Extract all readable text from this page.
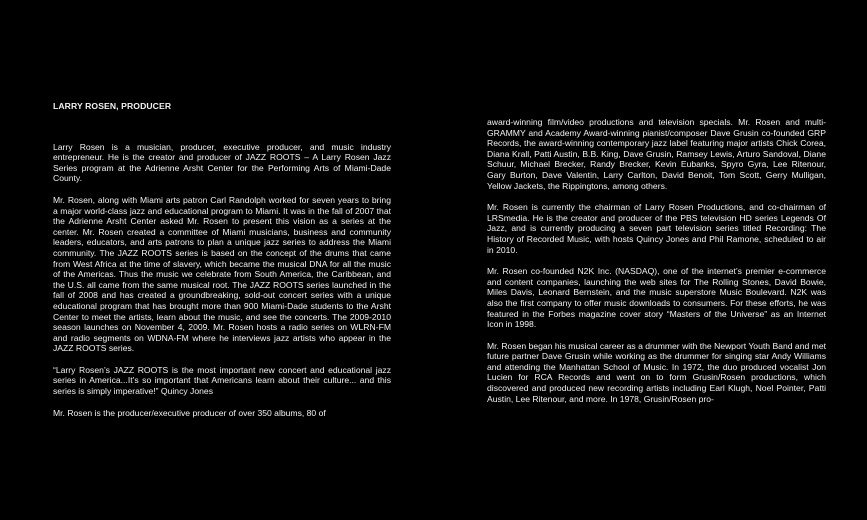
LARRY ROSEN, PRODUCER

Larry Rosen is a musician, producer, executive producer, and music industry entrepreneur. He is the creator and producer of JAZZ ROOTS – A Larry Rosen Jazz Series program at the Adrienne Arsht Center for the Performing Arts of Miami-Dade County.

Mr. Rosen, along with Miami arts patron Carl Randolph worked for seven years to bring a major world-class jazz and educational program to Miami. It was in the fall of 2007 that the Adrienne Arsht Center asked Mr. Rosen to present this vision as a series at the center. Mr. Rosen created a committee of Miami musicians, business and community leaders, educators, and arts patrons to plan a unique jazz series to address the Miami community. The JAZZ ROOTS series is based on the concept of the drums that came from West Africa at the time of slavery, which became the musical DNA for all the music of the Americas. Thus the music we celebrate from South America, the Caribbean, and the U.S. all came from the same musical root. The JAZZ ROOTS series launched in the fall of 2008 and has created a groundbreaking, sold-out concert series with a unique educational program that has brought more than 900 Miami-Dade students to the Arsht Center to meet the artists, learn about the music, and see the concerts. The 2009-2010 season launches on November 4, 2009. Mr. Rosen hosts a radio series on WLRN-FM and radio segments on WDNA-FM where he interviews jazz artists who appear in the JAZZ ROOTS series.

“Larry Rosen’s JAZZ ROOTS is the most important new concert and educational jazz series in America...It’s so important that Americans learn about their culture... and this series is simply imperative!” Quincy Jones

Mr. Rosen is the producer/executive producer of over 350 albums, 80 of

award-winning film/video productions and television specials. Mr. Rosen and multi-GRAMMY and Academy Award-winning pianist/composer Dave Grusin co-founded GRP Records, the award-winning contemporary jazz label featuring major artists Chick Corea, Diana Krall, Patti Austin, B.B. King, Dave Grusin, Ramsey Lewis, Arturo Sandoval, Diane Schuur, Michael Brecker, Randy Brecker, Kevin Eubanks, Spyro Gyra, Lee Ritenour, Gary Burton, Dave Valentin, Larry Carlton, David Benoit, Tom Scott, Gerry Mulligan, Yellow Jackets, the Rippingtons, among others.

Mr. Rosen is currently the chairman of Larry Rosen Productions, and co-chairman of LRSmedia. He is the creator and producer of the PBS television HD series Legends Of Jazz, and is currently producing a seven part television series titled Recording: The History of Recorded Music, with hosts Quincy Jones and Phil Ramone, scheduled to air in 2010.

Mr. Rosen co-founded N2K Inc. (NASDAQ), one of the internet’s premier e-commerce and content companies, launching the web sites for The Rolling Stones, David Bowie, Miles Davis, Leonard Bernstein, and the music superstore Music Boulevard. N2K was also the first company to offer music downloads to consumers. For these efforts, he was featured in the Forbes magazine cover story “Masters of the Universe” as an Internet Icon in 1998.

Mr. Rosen began his musical career as a drummer with the Newport Youth Band and met future partner Dave Grusin while working as the drummer for singing star Andy Williams and attending the Manhattan School of Music. In 1972, the duo produced vocalist Jon Lucien for RCA Records and went on to form Grusin/Rosen productions, which discovered and produced new recording artists including Earl Klugh, Noel Pointer, Patti Austin, Lee Ritenour, and more. In 1978, Grusin/Rosen pro-
